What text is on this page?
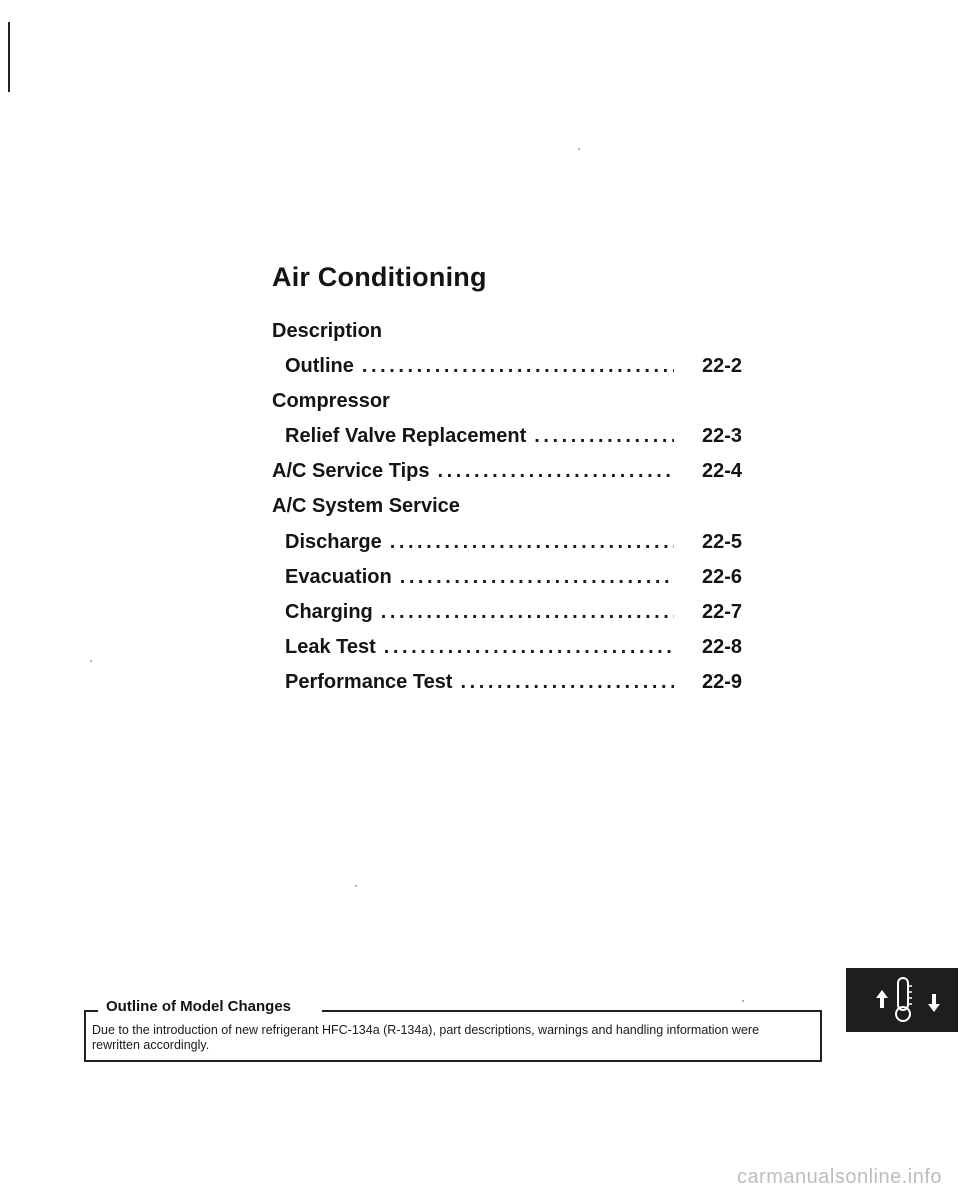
Air Conditioning
Description
Outline . . .	22-2
Compressor
Relief Valve Replacement . . .	22-3
A/C Service Tips . . .	22-4
A/C System Service
Discharge . . .	22-5
Evacuation . . .	22-6
Charging . . .	22-7
Leak Test . . .	22-8
Performance Test . . .	22-9
Outline of Model Changes
Due to the introduction of new refrigerant HFC-134a (R-134a), part descriptions, warnings and handling information were rewritten accordingly.
carmanualsonline.info
